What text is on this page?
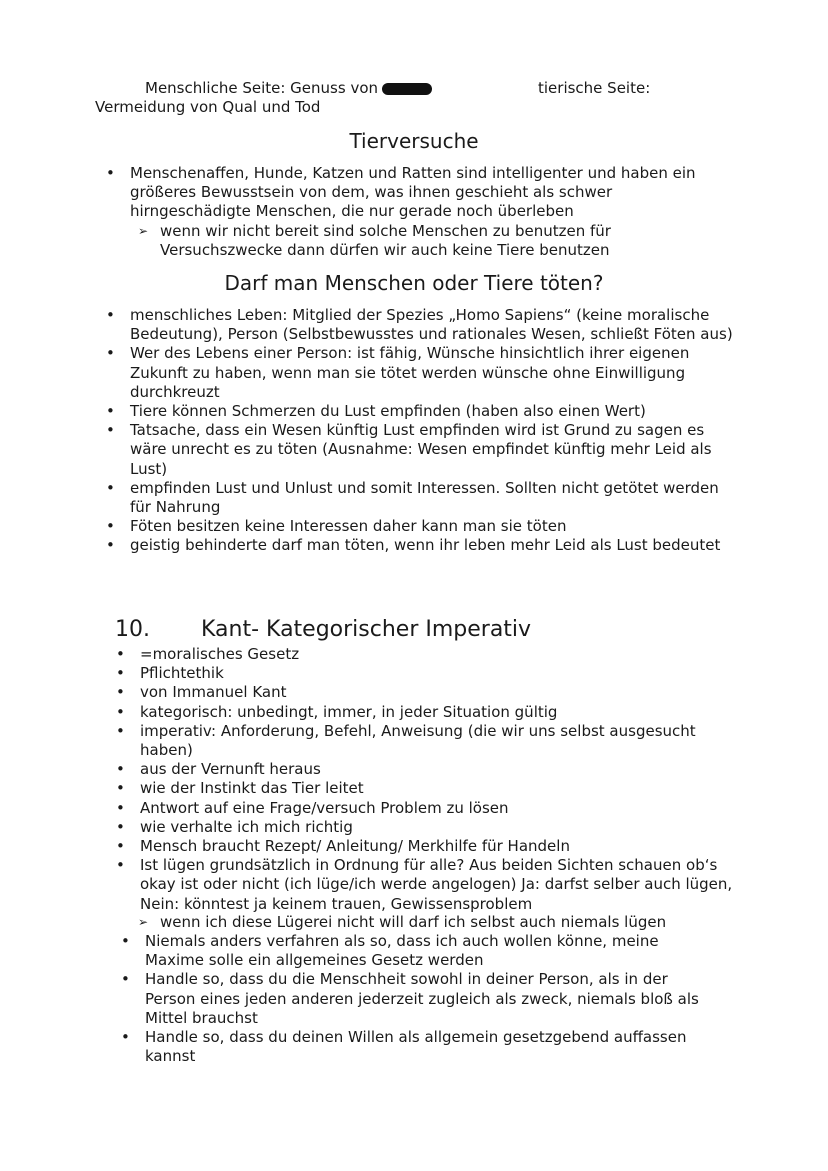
Menschliche Seite: Genuss von	tierische Seite:
Vermeidung von Qual und Tod
Tierversuche
• Menschenaffen, Hunde, Katzen und Ratten sind intelligenter und haben ein größeres Bewusstsein von dem, was ihnen geschieht als schwer hirngeschädigte Menschen, die nur gerade noch überleben
➢ wenn wir nicht bereit sind solche Menschen zu benutzen für Versuchszwecke dann dürfen wir auch keine Tiere benutzen
Darf man Menschen oder Tiere töten?
• menschliches Leben: Mitglied der Spezies „Homo Sapiens“ (keine moralische Bedeutung), Person (Selbstbewusstes und rationales Wesen, schließt Föten aus)
• Wer des Lebens einer Person: ist fähig, Wünsche hinsichtlich ihrer eigenen Zukunft zu haben, wenn man sie tötet werden wünsche ohne Einwilligung durchkreuzt
• Tiere können Schmerzen du Lust empfinden (haben also einen Wert)
• Tatsache, dass ein Wesen künftig Lust empfinden wird ist Grund zu sagen es wäre unrecht es zu töten (Ausnahme: Wesen empfindet künftig mehr Leid als Lust)
• empfinden Lust und Unlust und somit Interessen. Sollten nicht getötet werden für Nahrung
• Föten besitzen keine Interessen daher kann man sie töten
• geistig behinderte darf man töten, wenn ihr leben mehr Leid als Lust bedeutet
10. Kant- Kategorischer Imperativ
• =moralisches Gesetz
• Pflichtethik
• von Immanuel Kant
• kategorisch: unbedingt, immer, in jeder Situation gültig
• imperativ: Anforderung, Befehl, Anweisung (die wir uns selbst ausgesucht haben)
• aus der Vernunft heraus
• wie der Instinkt das Tier leitet
• Antwort auf eine Frage/versuch Problem zu lösen
• wie verhalte ich mich richtig
• Mensch braucht Rezept/ Anleitung/ Merkhilfe für Handeln
• Ist lügen grundsätzlich in Ordnung für alle? Aus beiden Sichten schauen ob‘s okay ist oder nicht (ich lüge/ich werde angelogen) Ja: darfst selber auch lügen, Nein: könntest ja keinem trauen, Gewissensproblem
➢ wenn ich diese Lügerei nicht will darf ich selbst auch niemals lügen
• Niemals anders verfahren als so, dass ich auch wollen könne, meine Maxime solle ein allgemeines Gesetz werden
• Handle so, dass du die Menschheit sowohl in deiner Person, als in der Person eines jeden anderen jederzeit zugleich als zweck, niemals bloß als Mittel brauchst
• Handle so, dass du deinen Willen als allgemein gesetzgebend auffassen kannst
